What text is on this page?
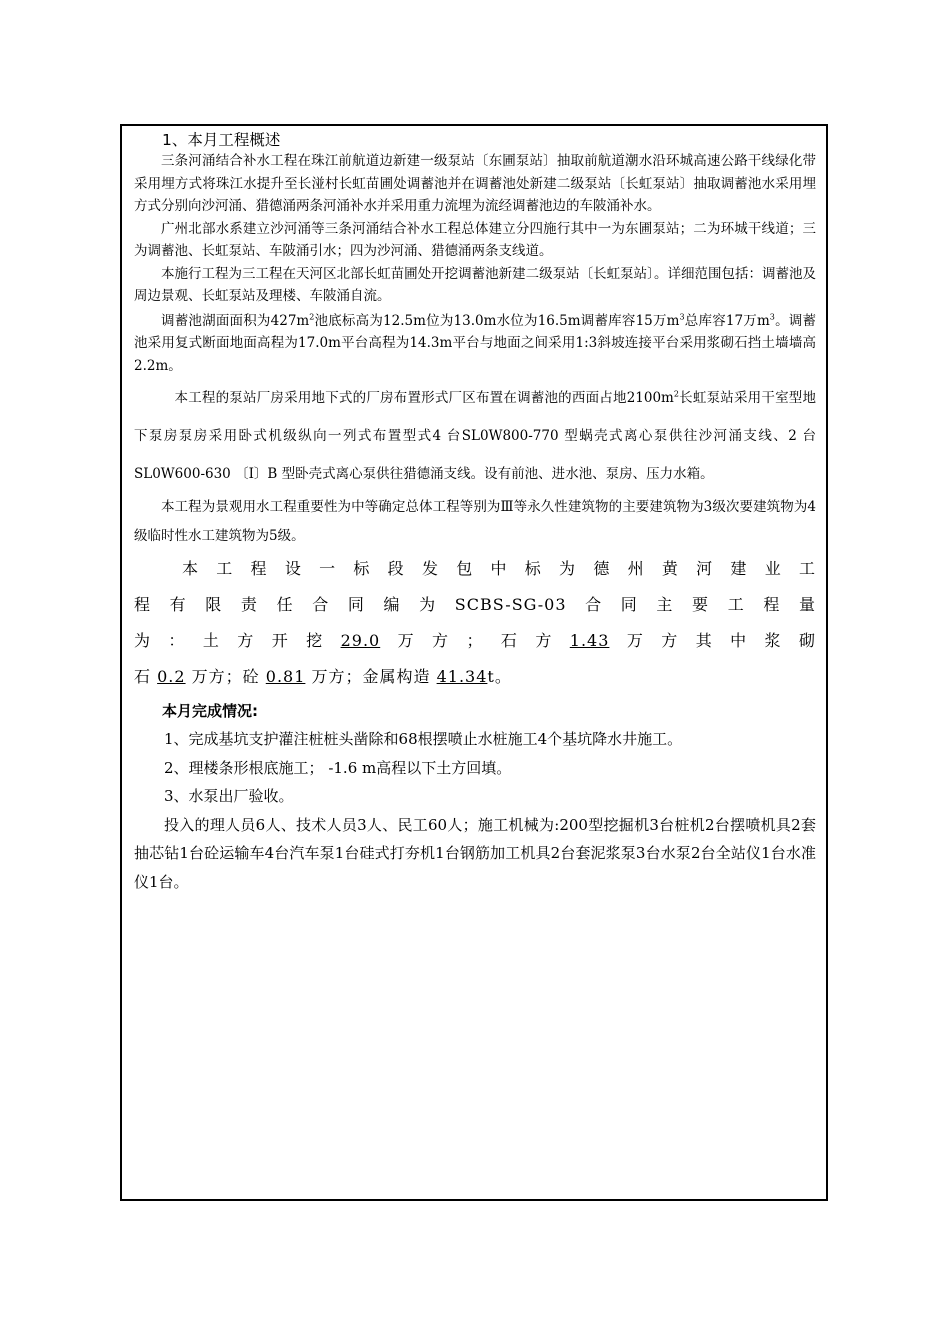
1、本月工程概述

三条河涌结合补水工程在珠江前航道边新建一级泵站〔东圃泵站〕抽取前航道潮水沿环城高速公路干线绿化带采用埋方式将珠江水提升至长湴村长虹苗圃处调蓄池并在调蓄池处新建二级泵站〔长虹泵站〕抽取调蓄池水采用埋方式分别向沙河涌、猎德涌两条河涌补水并采用重力流埋为流经调蓄池边的车陂涌补水。

广州北部水系建立沙河涌等三条河涌结合补水工程总体建立分四施行其中一为东圃泵站；二为环城干线道；三为调蓄池、长虹泵站、车陂涌引水；四为沙河涌、猎德涌两条支线道。

本施行工程为三工程在天河区北部长虹苗圃处开挖调蓄池新建二级泵站〔长虹泵站〕。详细范围包括：调蓄池及周边景观、长虹泵站及理楼、车陂涌自流。

调蓄池湖面面积为$427m^2$池底标高为12.5m位为13.0m水位为16.5m调蓄库容15万$m^3$总库容17万$m^3$。调蓄池采用复式断面地面高程为17.0m平台高程为14.3m平台与地面之间采用1:3斜坡连接平台采用浆砌石挡土墙墙高2.2m。

本工程的泵站厂房采用地下式的厂房布置形式厂区布置在调蓄池的西面占地$2100m^2$长虹泵站采用干室型地下泵房泵房采用卧式机级纵向一列式布置型式4 台SL0W800-770 型蜗壳式离心泵供往沙河涌支线、2 台SL0W600-630 〔Ⅰ〕B 型卧壳式离心泵供往猎德涌支线。设有前池、进水池、泵房、压力水箱。

本工程为景观用水工程重要性为中等确定总体工程等别为Ⅲ等永久性建筑物的主要建筑物为3级次要建筑物为4级临时性水工建筑物为5级。

本工程设一标段发包中标为德州黄河建业工

程有限责任合同编为SCBS-SG-03合同主要工程量

为：土方开挖29.0万方；石方1.43万方其中浆砌

石 0.2 万方；砼 0.81 万方；金属构造 41.34t。

本月完成情况:

1、完成基坑支护灌注桩桩头凿除和68根摆喷止水桩施工4个基坑降水井施工。

2、理楼条形根底施工； -1.6 m高程以下土方回填。

3、水泵出厂验收。

投入的理人员6人、技术人员3人、民工60人；施工机械为:200型挖掘机3台桩机2台摆喷机具2套抽芯钻1台砼运输车4台汽车泵1台硅式打夯机1台钢筋加工机具2台套泥浆泵3台水泵2台全站仪1台水准仪1台。
